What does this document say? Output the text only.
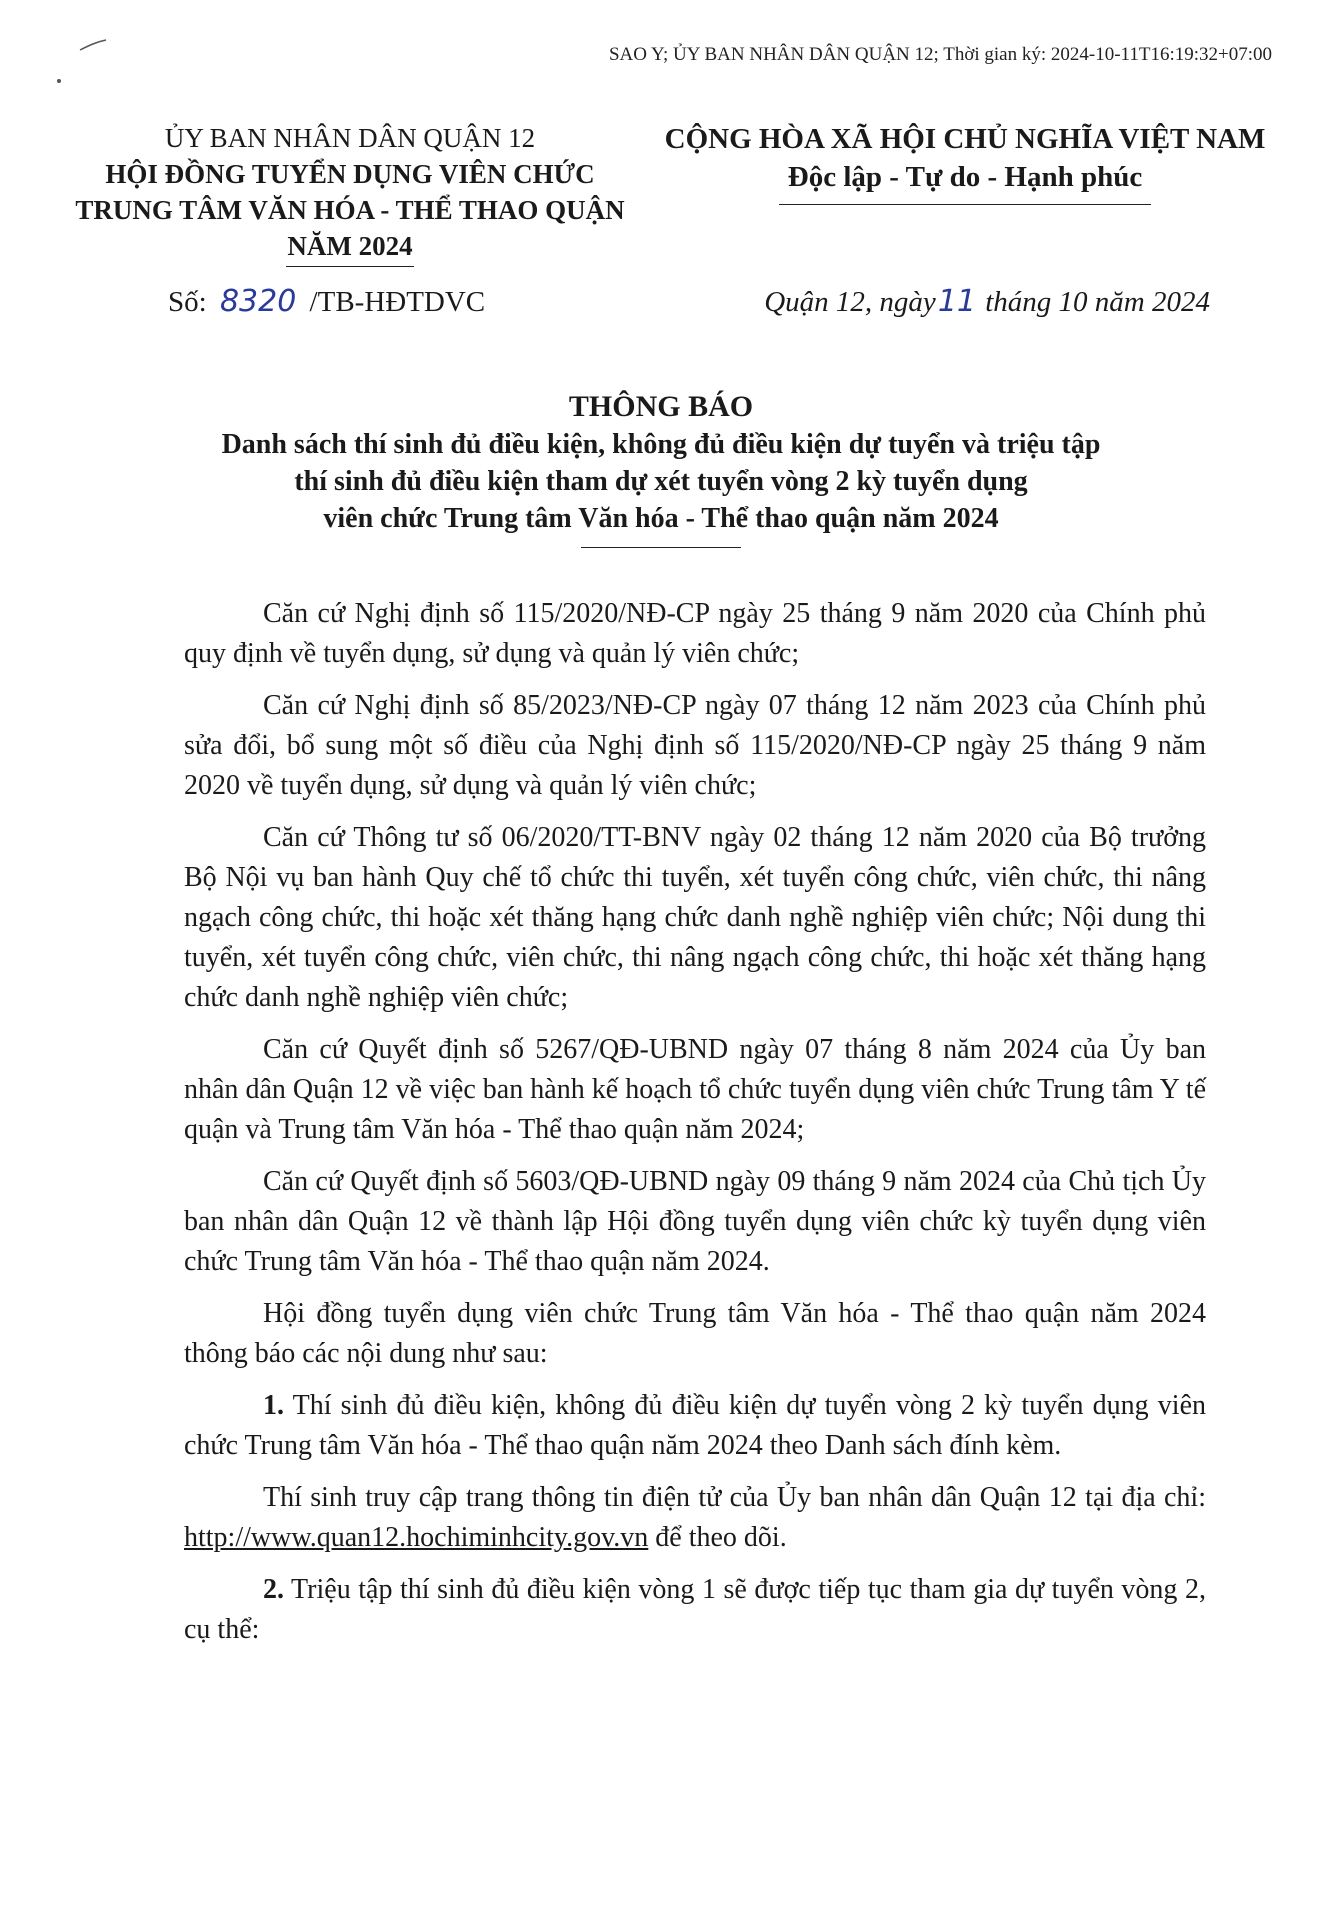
SAO Y; ỦY BAN NHÂN DÂN QUẬN 12; Thời gian ký: 2024-10-11T16:19:32+07:00
ỦY BAN NHÂN DÂN QUẬN 12
HỘI ĐỒNG TUYỂN DỤNG VIÊN CHỨC
TRUNG TÂM VĂN HÓA - THỂ THAO QUẬN
NĂM 2024
CỘNG HÒA XÃ HỘI CHỦ NGHĨA VIỆT NAM
Độc lập - Tự do - Hạnh phúc
Số: 8320 /TB-HĐTDVC	Quận 12, ngày11 tháng 10 năm 2024
THÔNG BÁO
Danh sách thí sinh đủ điều kiện, không đủ điều kiện dự tuyển và triệu tập
thí sinh đủ điều kiện tham dự xét tuyển vòng 2 kỳ tuyển dụng
viên chức Trung tâm Văn hóa - Thể thao quận năm 2024

Căn cứ Nghị định số 115/2020/NĐ-CP ngày 25 tháng 9 năm 2020 của Chính phủ quy định về tuyển dụng, sử dụng và quản lý viên chức;

Căn cứ Nghị định số 85/2023/NĐ-CP ngày 07 tháng 12 năm 2023 của Chính phủ sửa đổi, bổ sung một số điều của Nghị định số 115/2020/NĐ-CP ngày 25 tháng 9 năm 2020 về tuyển dụng, sử dụng và quản lý viên chức;

Căn cứ Thông tư số 06/2020/TT-BNV ngày 02 tháng 12 năm 2020 của Bộ trưởng Bộ Nội vụ ban hành Quy chế tổ chức thi tuyển, xét tuyển công chức, viên chức, thi nâng ngạch công chức, thi hoặc xét thăng hạng chức danh nghề nghiệp viên chức; Nội dung thi tuyển, xét tuyển công chức, viên chức, thi nâng ngạch công chức, thi hoặc xét thăng hạng chức danh nghề nghiệp viên chức;

Căn cứ Quyết định số 5267/QĐ-UBND ngày 07 tháng 8 năm 2024 của Ủy ban nhân dân Quận 12 về việc ban hành kế hoạch tổ chức tuyển dụng viên chức Trung tâm Y tế quận và Trung tâm Văn hóa - Thể thao quận năm 2024;

Căn cứ Quyết định số 5603/QĐ-UBND ngày 09 tháng 9 năm 2024 của Chủ tịch Ủy ban nhân dân Quận 12 về thành lập Hội đồng tuyển dụng viên chức kỳ tuyển dụng viên chức Trung tâm Văn hóa - Thể thao quận năm 2024.

Hội đồng tuyển dụng viên chức Trung tâm Văn hóa - Thể thao quận năm 2024 thông báo các nội dung như sau:

1. Thí sinh đủ điều kiện, không đủ điều kiện dự tuyển vòng 2 kỳ tuyển dụng viên chức Trung tâm Văn hóa - Thể thao quận năm 2024 theo Danh sách đính kèm.

Thí sinh truy cập trang thông tin điện tử của Ủy ban nhân dân Quận 12 tại địa chỉ: http://www.quan12.hochiminhcity.gov.vn để theo dõi.

2. Triệu tập thí sinh đủ điều kiện vòng 1 sẽ được tiếp tục tham gia dự tuyển vòng 2, cụ thể:
